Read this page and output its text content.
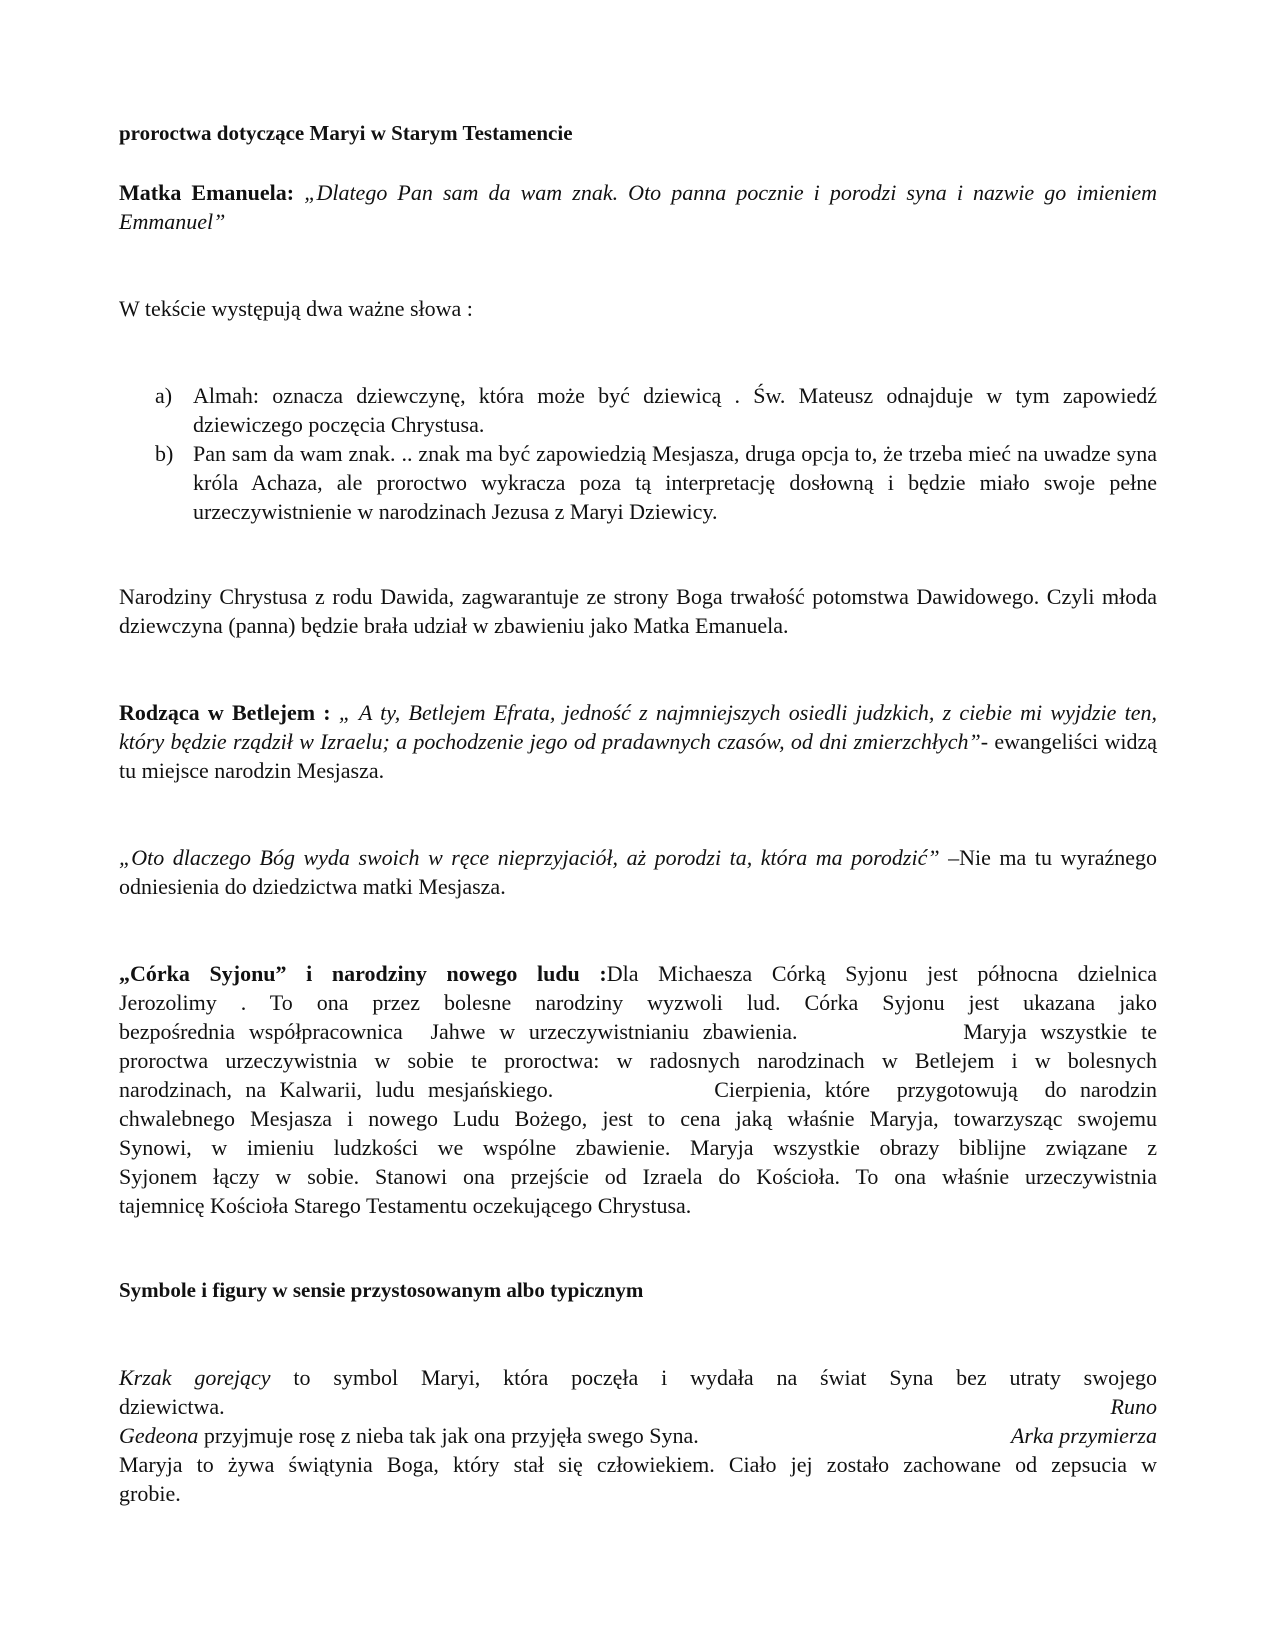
proroctwa dotyczące Maryi w Starym Testamencie

Matka Emanuela: „Dlatego Pan sam da wam znak. Oto panna pocznie i porodzi syna i nazwie go imieniem Emmanuel”

W tekście występują dwa ważne słowa :

a) Almah: oznacza dziewczynę, która może być dziewicą . Św. Mateusz odnajduje w tym zapowiedź dziewiczego poczęcia Chrystusa.
b) Pan sam da wam znak. .. znak ma być zapowiedzią Mesjasza, druga opcja to, że trzeba mieć na uwadze syna króla Achaza, ale proroctwo wykracza poza tą interpretację dosłowną i będzie miało swoje pełne urzeczywistnienie w narodzinach Jezusa z Maryi Dziewicy.

Narodziny Chrystusa z rodu Dawida, zagwarantuje ze strony Boga trwałość potomstwa Dawidowego. Czyli młoda dziewczyna (panna) będzie brała udział w zbawieniu jako Matka Emanuela.

Rodząca w Betlejem : „ A ty, Betlejem Efrata, jedność z najmniejszych osiedli judzkich, z ciebie mi wyjdzie ten, który będzie rządził w Izraelu; a pochodzenie jego od pradawnych czasów, od dni zmierzchłych”- ewangeliści widzą tu miejsce narodzin Mesjasza.

„Oto dlaczego Bóg wyda swoich w ręce nieprzyjaciół, aż porodzi ta, która ma porodzić” –Nie ma tu wyraźnego odniesienia do dziedzictwa matki Mesjasza.

„Córka Syjonu” i narodziny nowego ludu :Dla Michaesza Córką Syjonu jest północna dzielnica
Jerozolimy . To ona przez bolesne narodziny wyzwoli lud. Córka Syjonu jest ukazana jako
bezpośrednia współpracownica  Jahwe w urzeczywistnianiu zbawienia.            Maryja wszystkie te
proroctwa urzeczywistnia w sobie te proroctwa: w radosnych narodzinach w Betlejem i w bolesnych
narodzinach, na Kalwarii, ludu mesjańskiego.            Cierpienia, które  przygotowują  do narodzin
chwalebnego Mesjasza i nowego Ludu Bożego, jest to cena jaką właśnie Maryja, towarzysząc swojemu
Synowi, w imieniu ludzkości we wspólne zbawienie. Maryja wszystkie obrazy biblijne związane z
Syjonem łączy w sobie. Stanowi ona przejście od Izraela do Kościoła. To ona właśnie urzeczywistnia
tajemnicę Kościoła Starego Testamentu oczekującego Chrystusa.

Symbole i figury w sensie przystosowanym albo typicznym

Krzak gorejący to symbol Maryi, która poczęła i wydała na świat Syna bez utraty swojego
dziewictwa.	Runo
Gedeona przyjmuje rosę z nieba tak jak ona przyjęła swego Syna.	Arka przymierza
Maryja to żywa świątynia Boga, który stał się człowiekiem. Ciało jej zostało zachowane od zepsucia w
grobie.
